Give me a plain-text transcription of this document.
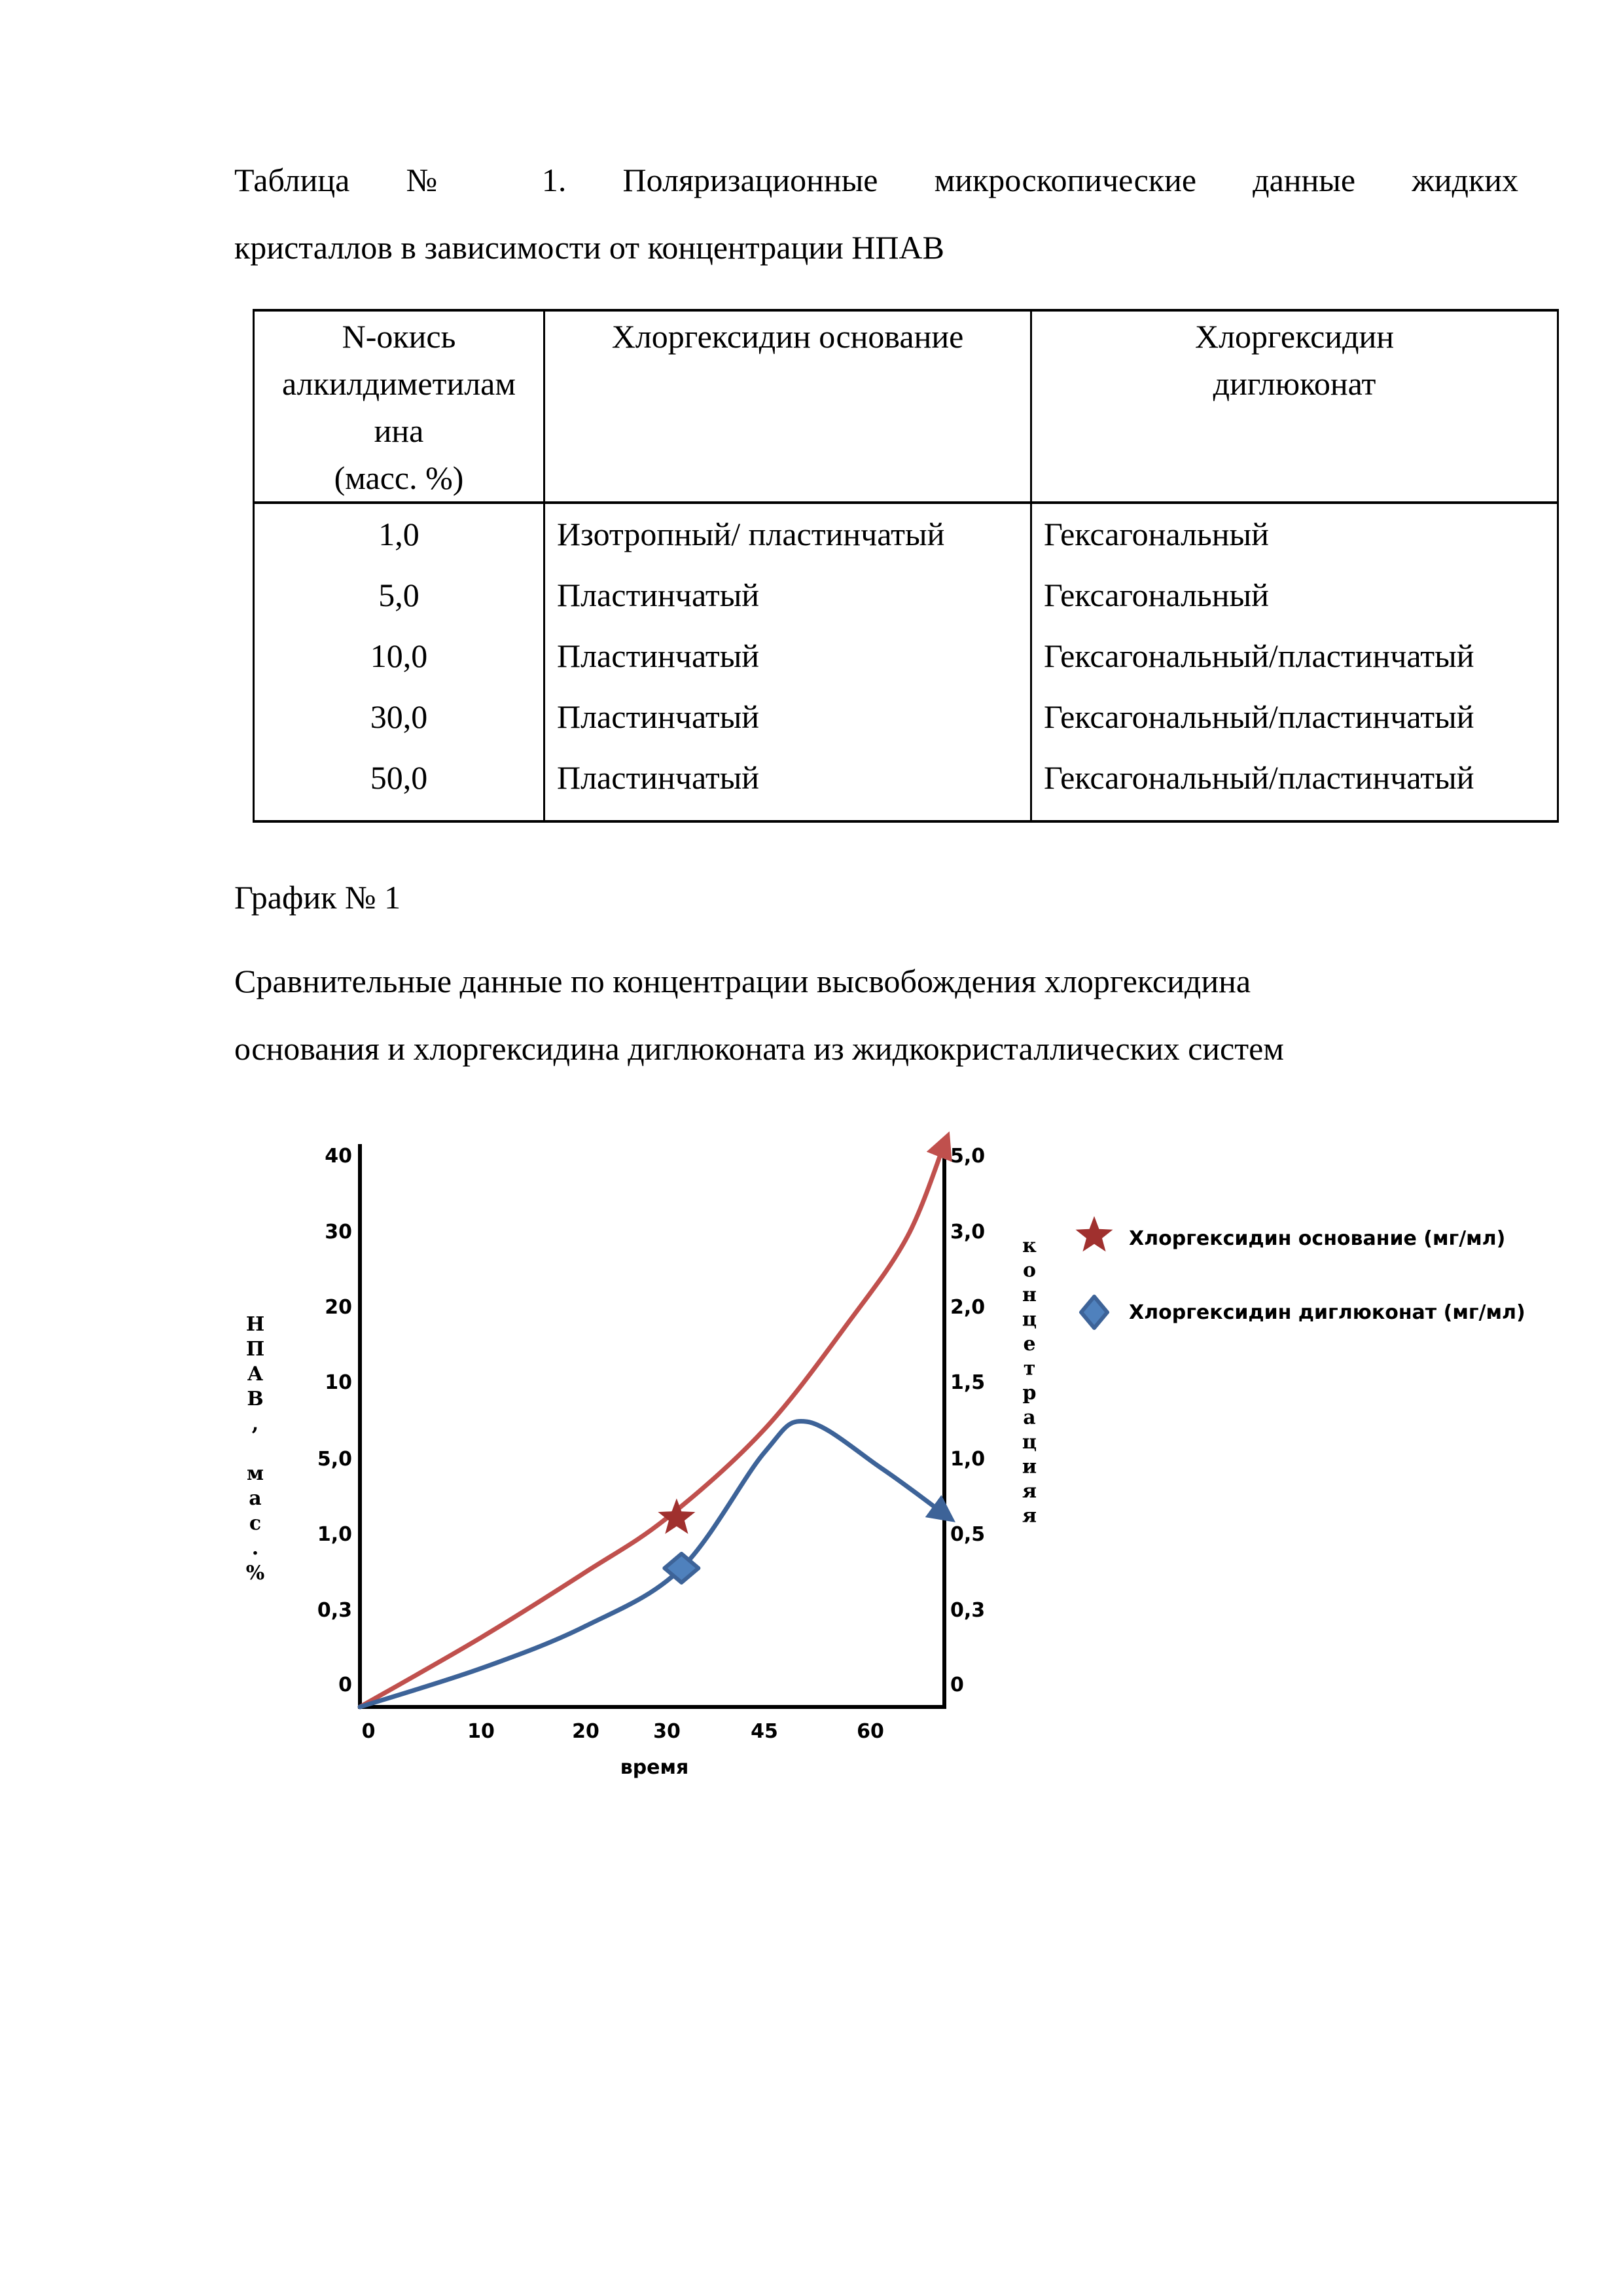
Таблица № 1. Поляризационные микроскопические данные жидких
кристаллов в зависимости от концентрации НПАВ
N-окись
алкилдиметилам
ина
(масс. %)

Хлоргексидин основание	Хлоргексидин
диглюконат

1,0	Изотропный/ пластинчатый	Гексагональный
5,0	Пластинчатый	Гексагональный
10,0	Пластинчатый	Гексагональный/пластинчатый
30,0	Пластинчатый	Гексагональный/пластинчатый
50,0	Пластинчатый	Гексагональный/пластинчатый
График № 1
Сравнительные данные по концентрации высвобождения хлоргексидина
основания и хлоргексидина диглюконата из жидкокристаллических систем
0	10	20	30	45	60
0
0,3
1,0
5,0
10
20
30
40
0
0,3
0,5
1,0
1,5
2,0
3,0
5,0
время
Н
П
А
В
,
м
а
с
.
%
к
о
н
ц
е
т
р
а
ц
и
я
я
Хлоргексидин основание (мг/мл)
Хлоргексидин диглюконат (мг/мл)
